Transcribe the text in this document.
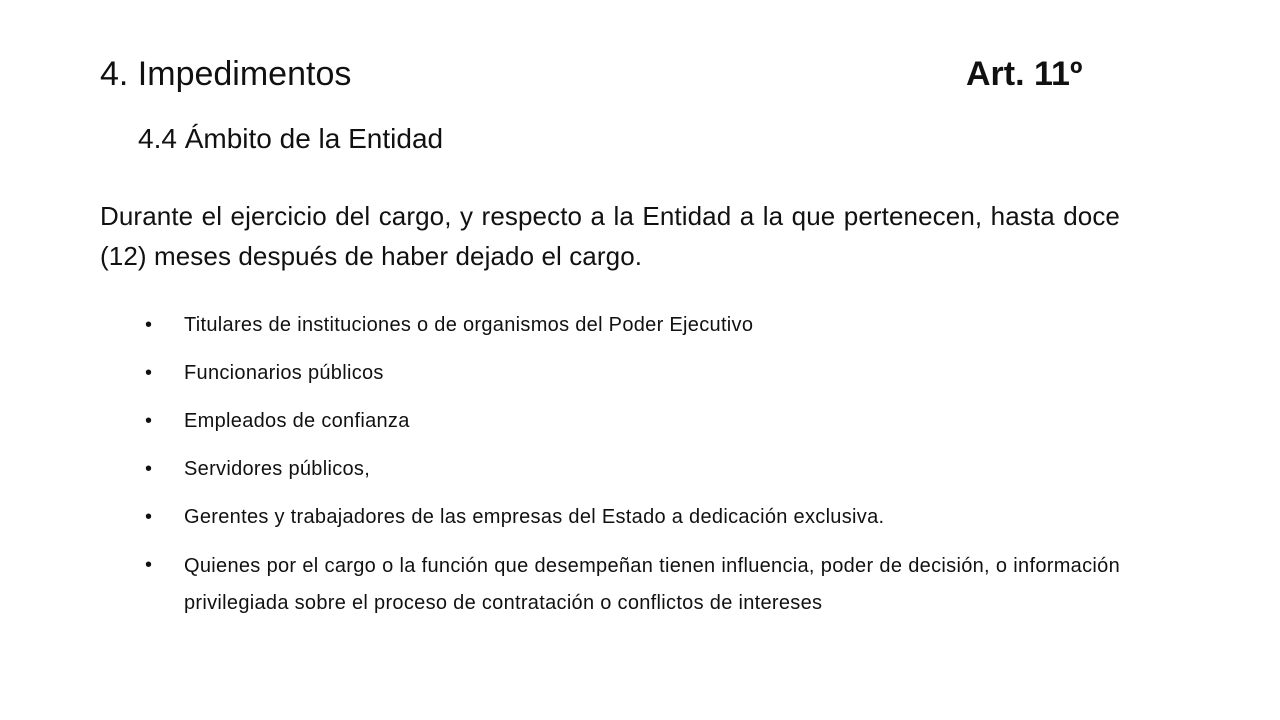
4. Impedimentos	Art. 11º
4.4 Ámbito de la Entidad
Durante el ejercicio del cargo, y respecto a la Entidad a la que pertenecen, hasta doce (12) meses después de haber dejado el cargo.
• Titulares de instituciones o de organismos del Poder Ejecutivo
• Funcionarios públicos
• Empleados de confianza
• Servidores públicos,
• Gerentes y trabajadores de las empresas del Estado a dedicación exclusiva.
• Quienes por el cargo o la función que desempeñan tienen influencia, poder de decisión, o información privilegiada sobre el proceso de contratación o conflictos de intereses
